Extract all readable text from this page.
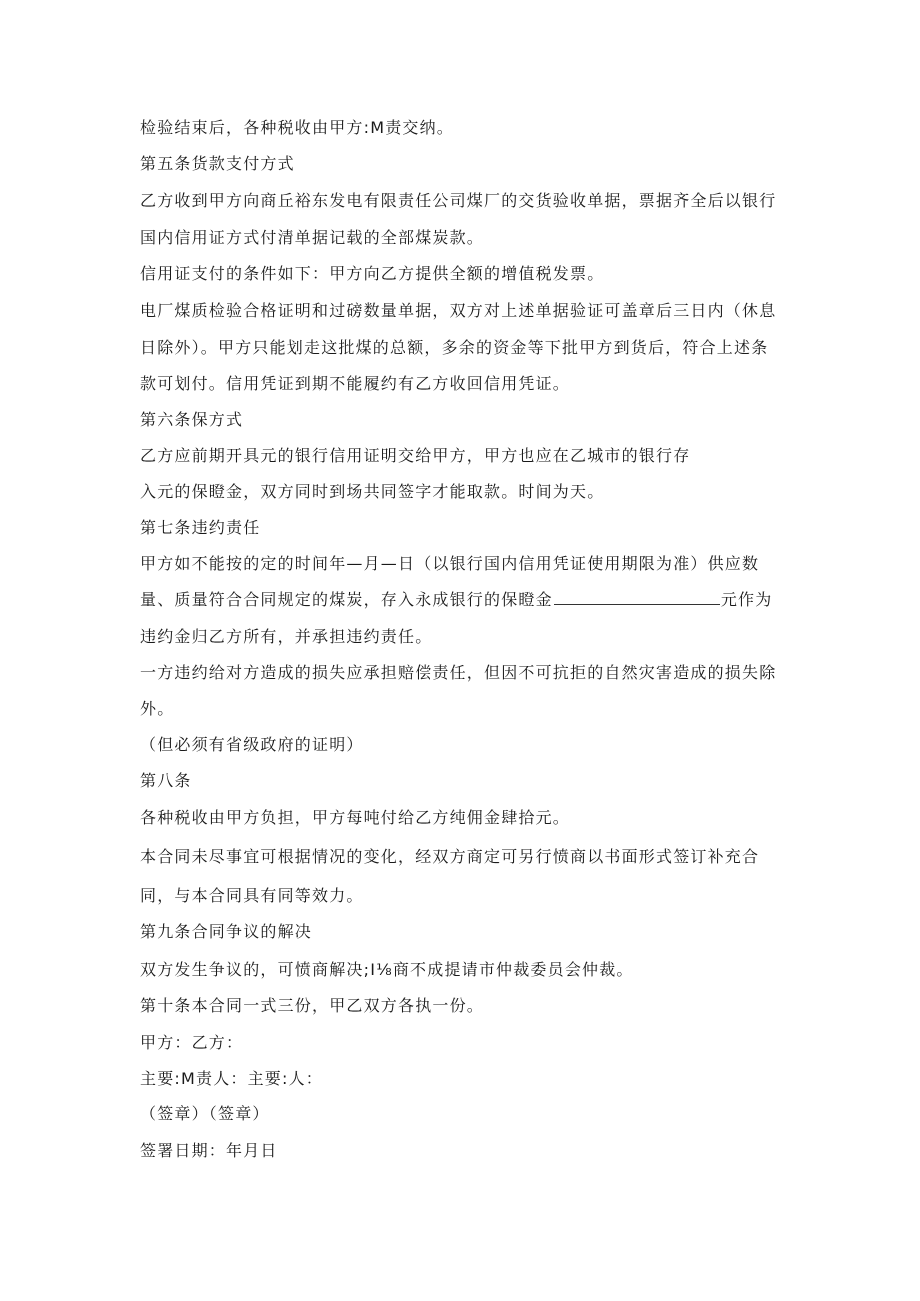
检验结束后，各种税收由甲方:M责交纳。
第五条货款支付方式
乙方收到甲方向商丘裕东发电有限责任公司煤厂的交货验收单据，票据齐全后以银行
国内信用证方式付清单据记载的全部煤炭款。
信用证支付的条件如下：甲方向乙方提供全额的增值税发票。
电厂煤质检验合格证明和过磅数量单据，双方对上述单据验证可盖章后三日内（休息
日除外）。甲方只能划走这批煤的总额，多余的资金等下批甲方到货后，符合上述条
款可划付。信用凭证到期不能履约有乙方收回信用凭证。
第六条保方式
乙方应前期开具元的银行信用证明交给甲方，甲方也应在乙城市的银行存
入元的保瞪金，双方同时到场共同签字才能取款。时间为天。
第七条违约责任
甲方如不能按的定的时间年—月—日（以银行国内信用凭证使用期限为准）供应数
量、质量符合合同规定的煤炭，存入永成银行的保瞪金	元作为
违约金归乙方所有，并承担违约责任。
一方违约给对方造成的损失应承担赔偿责任，但因不可抗拒的自然灾害造成的损失除
外。
（但必须有省级政府的证明）
第八条
各种税收由甲方负担，甲方每吨付给乙方纯佣金肆拾元。
本合同未尽事宜可根据情况的变化，经双方商定可另行愤商以书面形式签订补充合
同，与本合同具有同等效力。
第九条合同争议的解决
双方发生争议的，可愤商解决;I⅛商不成提请市仲裁委员会仲裁。
第十条本合同一式三份，甲乙双方各执一份。
甲方：乙方：
主要:M责人：主要:人：
（签章）（签章）
签署日期：年月日
